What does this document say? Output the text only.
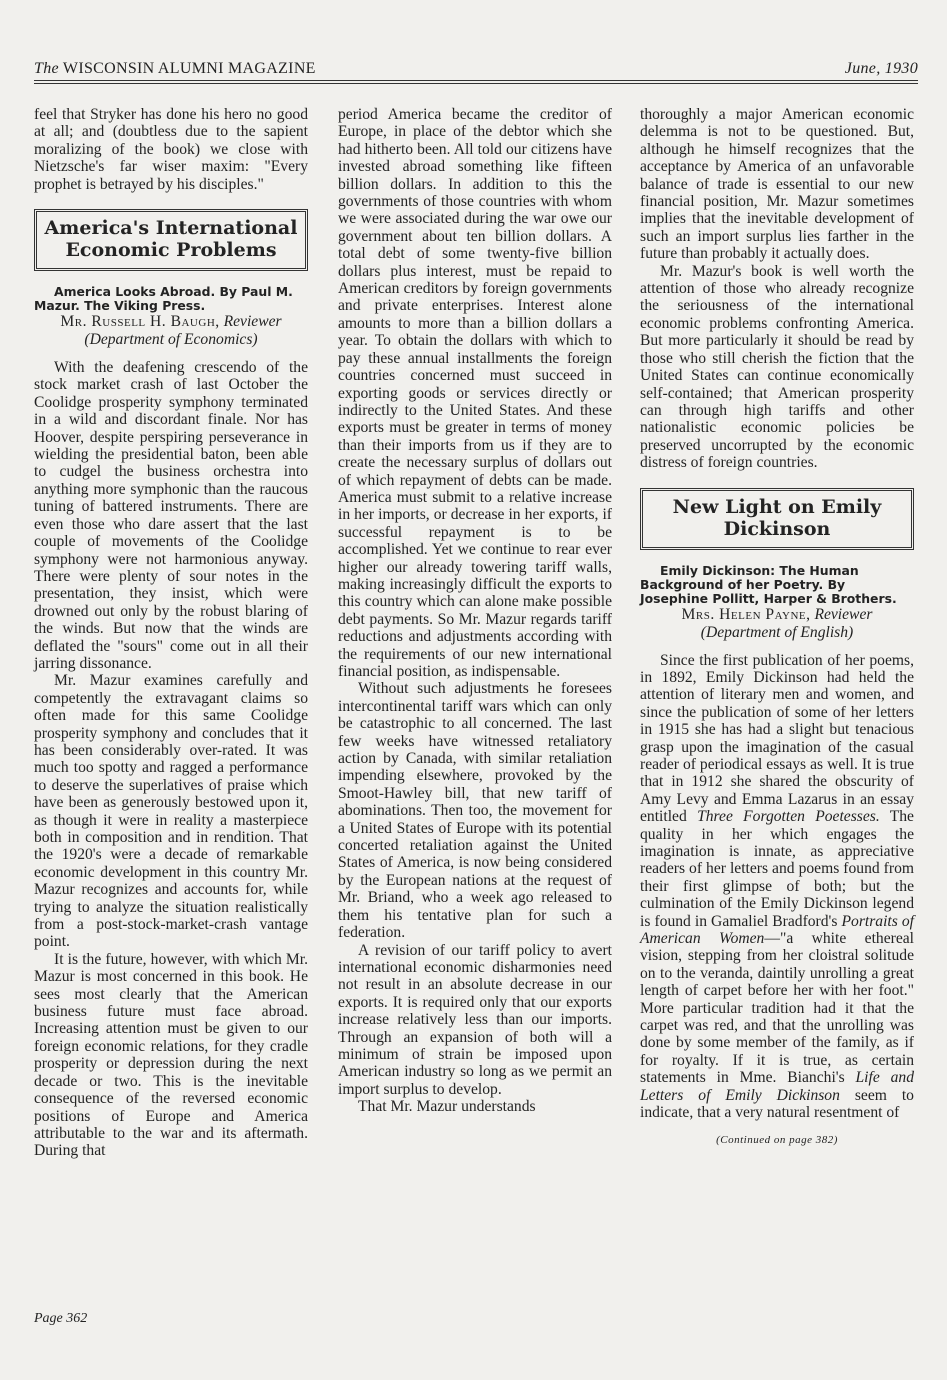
The WISCONSIN ALUMNI MAGAZINE	June, 1930

feel that Stryker has done his hero no good at all; and (doubtless due to the sapient moralizing of the book) we close with Nietzsche's far wiser maxim: "Every prophet is betrayed by his disciples."

America's International Economic Problems

America Looks Abroad. By Paul M. Mazur. The Viking Press.

Mr. Russell H. Baugh, Reviewer
(Department of Economics)

With the deafening crescendo of the stock market crash of last October the Coolidge prosperity symphony terminated in a wild and discordant finale. Nor has Hoover, despite perspiring perseverance in wielding the presidential baton, been able to cudgel the business orchestra into anything more symphonic than the raucous tuning of battered instruments. There are even those who dare assert that the last couple of movements of the Coolidge symphony were not harmonious anyway. There were plenty of sour notes in the presentation, they insist, which were drowned out only by the robust blaring of the winds. But now that the winds are deflated the "sours" come out in all their jarring dissonance.

Mr. Mazur examines carefully and competently the extravagant claims so often made for this same Coolidge prosperity symphony and concludes that it has been considerably over-rated. It was much too spotty and ragged a performance to deserve the superlatives of praise which have been as generously bestowed upon it, as though it were in reality a masterpiece both in composition and in rendition. That the 1920's were a decade of remarkable economic development in this country Mr. Mazur recognizes and accounts for, while trying to analyze the situation realistically from a post-stock-market-crash vantage point.

It is the future, however, with which Mr. Mazur is most concerned in this book. He sees most clearly that the American business future must face abroad. Increasing attention must be given to our foreign economic relations, for they cradle prosperity or depression during the next decade or two. This is the inevitable consequence of the reversed economic positions of Europe and America attributable to the war and its aftermath. During that

period America became the creditor of Europe, in place of the debtor which she had hitherto been. All told our citizens have invested abroad something like fifteen billion dollars. In addition to this the governments of those countries with whom we were associated during the war owe our government about ten billion dollars. A total debt of some twenty-five billion dollars plus interest, must be repaid to American creditors by foreign governments and private enterprises. Interest alone amounts to more than a billion dollars a year. To obtain the dollars with which to pay these annual installments the foreign countries concerned must succeed in exporting goods or services directly or indirectly to the United States. And these exports must be greater in terms of money than their imports from us if they are to create the necessary surplus of dollars out of which repayment of debts can be made. America must submit to a relative increase in her imports, or decrease in her exports, if successful repayment is to be accomplished. Yet we continue to rear ever higher our already towering tariff walls, making increasingly difficult the exports to this country which can alone make possible debt payments. So Mr. Mazur regards tariff reductions and adjustments according with the requirements of our new international financial position, as indispensable.

Without such adjustments he foresees intercontinental tariff wars which can only be catastrophic to all concerned. The last few weeks have witnessed retaliatory action by Canada, with similar retaliation impending elsewhere, provoked by the Smoot-Hawley bill, that new tariff of abominations. Then too, the movement for a United States of Europe with its potential concerted retaliation against the United States of America, is now being considered by the European nations at the request of Mr. Briand, who a week ago released to them his tentative plan for such a federation.

A revision of our tariff policy to avert international economic disharmonies need not result in an absolute decrease in our exports. It is required only that our exports increase relatively less than our imports. Through an expansion of both will a minimum of strain be imposed upon American industry so long as we permit an import surplus to develop.

That Mr. Mazur understands

thoroughly a major American economic delemma is not to be questioned. But, although he himself recognizes that the acceptance by America of an unfavorable balance of trade is essential to our new financial position, Mr. Mazur sometimes implies that the inevitable development of such an import surplus lies farther in the future than probably it actually does.

Mr. Mazur's book is well worth the attention of those who already recognize the seriousness of the international economic problems confronting America. But more particularly it should be read by those who still cherish the fiction that the United States can continue economically self-contained; that American prosperity can through high tariffs and other nationalistic economic policies be preserved uncorrupted by the economic distress of foreign countries.

New Light on Emily Dickinson

Emily Dickinson: The Human Background of her Poetry. By Josephine Pollitt, Harper & Brothers.

Mrs. Helen Payne, Reviewer
(Department of English)

Since the first publication of her poems, in 1892, Emily Dickinson had held the attention of literary men and women, and since the publication of some of her letters in 1915 she has had a slight but tenacious grasp upon the imagination of the casual reader of periodical essays as well. It is true that in 1912 she shared the obscurity of Amy Levy and Emma Lazarus in an essay entitled Three Forgotten Poetesses. The quality in her which engages the imagination is innate, as appreciative readers of her letters and poems found from their first glimpse of both; but the culmination of the Emily Dickinson legend is found in Gamaliel Bradford's Portraits of American Women—"a white ethereal vision, stepping from her cloistral solitude on to the veranda, daintily unrolling a great length of carpet before her with her foot." More particular tradition had it that the carpet was red, and that the unrolling was done by some member of the family, as if for royalty. If it is true, as certain statements in Mme. Bianchi's Life and Letters of Emily Dickinson seem to indicate, that a very natural resentment of

(Continued on page 382)
Page 362
